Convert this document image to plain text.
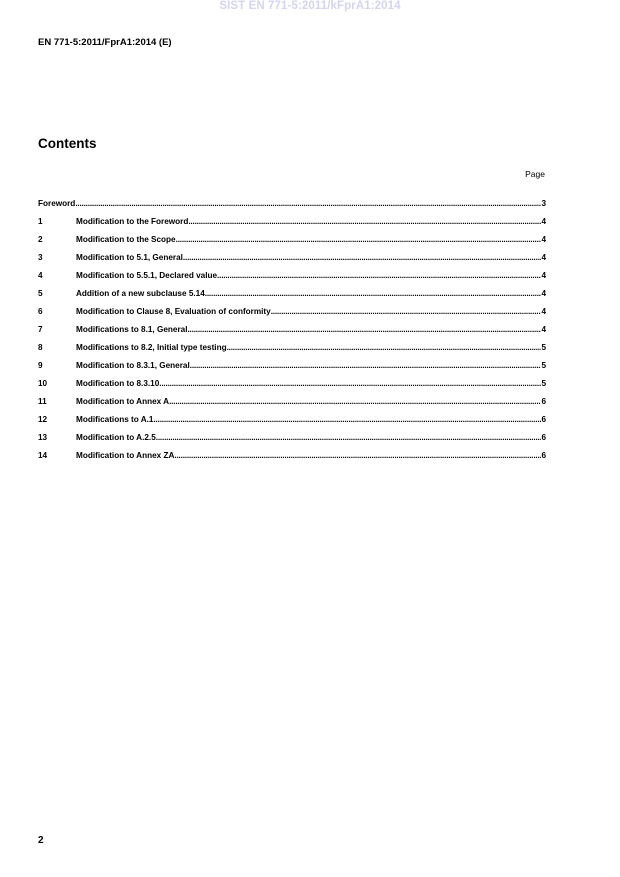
SIST EN 771-5:2011/kFprA1:2014
EN 771-5:2011/FprA1:2014 (E)
Contents
Page
Foreword .....	3
1	Modification to the Foreword .....	4
2	Modification to the Scope .....	4
3	Modification to 5.1, General .....	4
4	Modification to 5.5.1, Declared value .....	4
5	Addition of a new subclause 5.14 .....	4
6	Modification to Clause 8, Evaluation of conformity .....	4
7	Modifications to 8.1, General .....	4
8	Modifications to 8.2, Initial type testing .....	5
9	Modification to 8.3.1, General .....	5
10	Modification to 8.3.10 .....	5
11	Modification to Annex A .....	6
12	Modifications to A.1 .....	6
13	Modification to A.2.5 .....	6
14	Modification to Annex ZA .....	6
2
